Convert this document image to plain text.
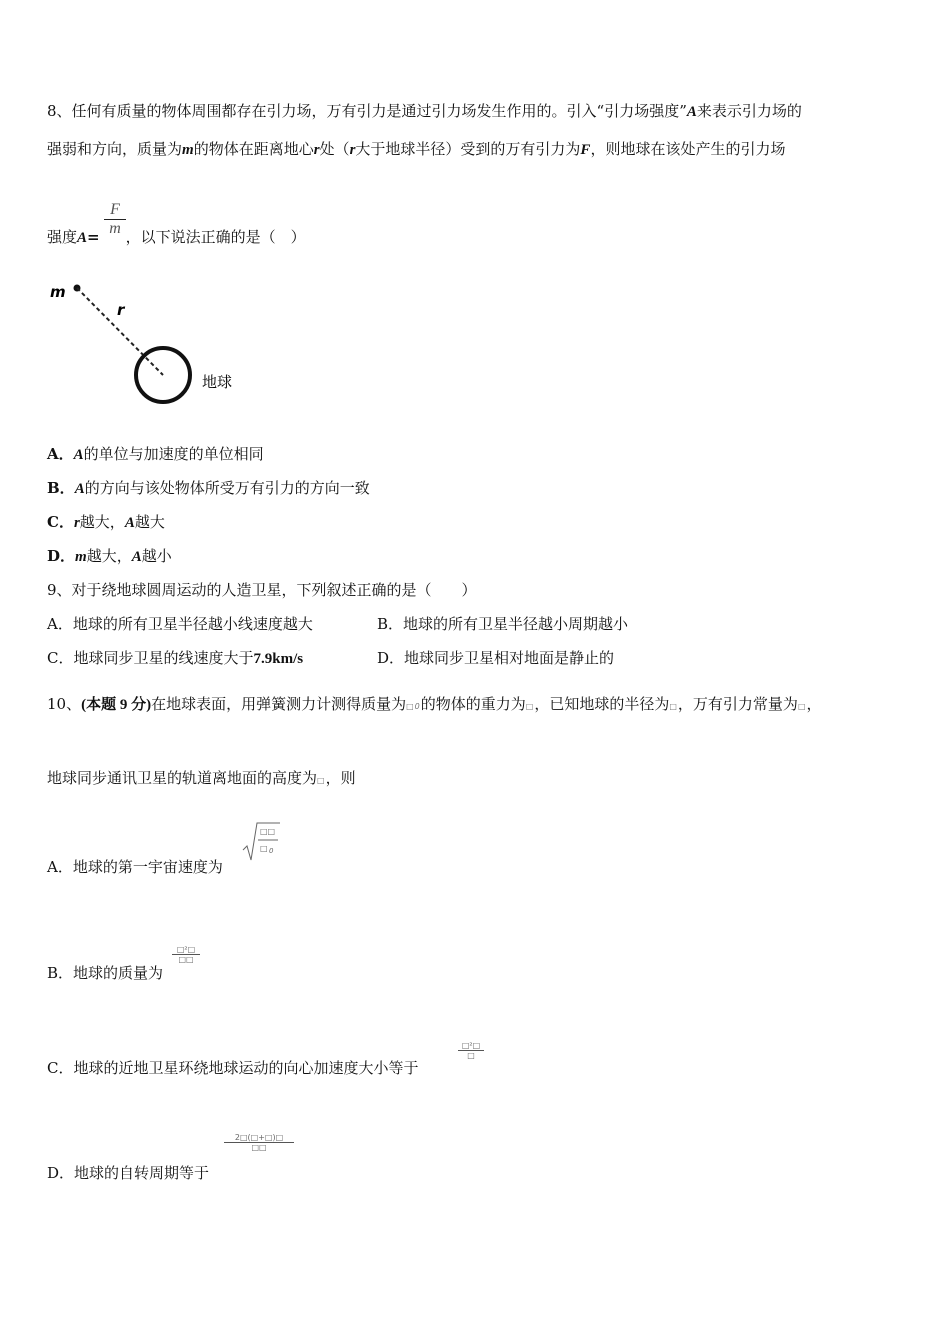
8、任何有质量的物体周围都存在引力场，万有引力是通过引力场发生作用的。引入“引力场强度”A来表示引力场的
强弱和方向，质量为m的物体在距离地心r处（r大于地球半径）受到的万有引力为F，则地球在该处产生的引力场
强度A= ，以下说法正确的是（　）
$\frac{F}{m}$
m
r
地球
A．A的单位与加速度的单位相同
B．A的方向与该处物体所受万有引力的方向一致
C．r越大，A越大
D．m越大，A越小
9、对于绕地球圆周运动的人造卫星，下列叙述正确的是（　　）
A．地球的所有卫星半径越小线速度越大	B．地球的所有卫星半径越小周期越小
C．地球同步卫星的线速度大于7.9km/s	D．地球同步卫星相对地面是静止的
10、(本题 9 分)在地球表面，用弹簧测力计测得质量为□0的物体的重力为□，已知地球的半径为□，万有引力常量为□，
地球同步通讯卫星的轨道离地面的高度为□，则
A．地球的第一宇宙速度为
□□
□ 0
B．地球的质量为
□²□
□□
C．地球的近地卫星环绕地球运动的向心加速度大小等于
□²□
□
D．地球的自转周期等于
2□(□+□)□
□□
